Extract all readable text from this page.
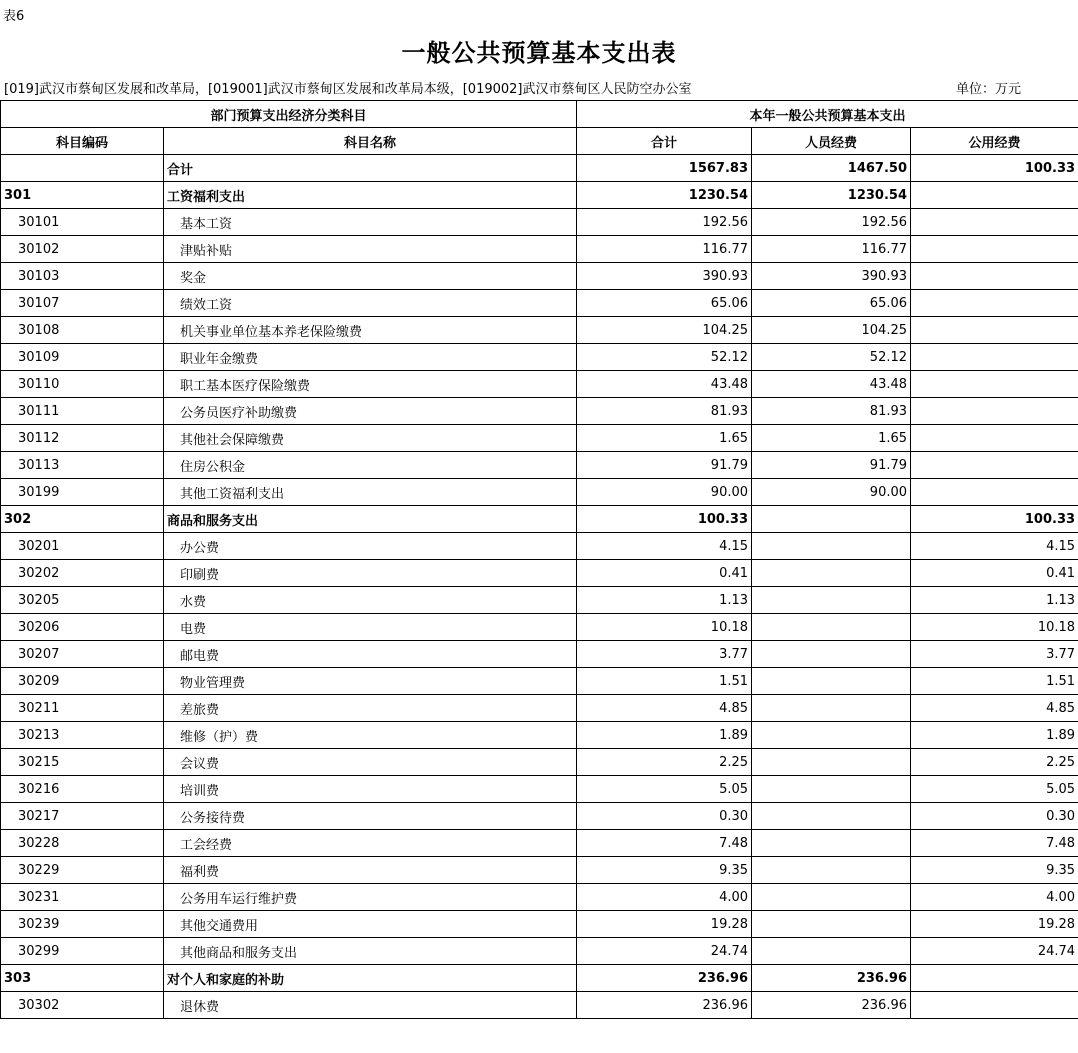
表6
一般公共预算基本支出表
[019]武汉市蔡甸区发展和改革局，[019001]武汉市蔡甸区发展和改革局本级，[019002]武汉市蔡甸区人民防空办公室	单位：万元
部门预算支出经济分类科目		本年一般公共预算基本支出		
科目编码	科目名称	合计	人员经费	公用经费
	合计	1567.83	1467.50	100.33
301	工资福利支出	1230.54	1230.54	
30101	基本工资	192.56	192.56	
30102	津贴补贴	116.77	116.77	
30103	奖金	390.93	390.93	
30107	绩效工资	65.06	65.06	
30108	机关事业单位基本养老保险缴费	104.25	104.25	
30109	职业年金缴费	52.12	52.12	
30110	职工基本医疗保险缴费	43.48	43.48	
30111	公务员医疗补助缴费	81.93	81.93	
30112	其他社会保障缴费	1.65	1.65	
30113	住房公积金	91.79	91.79	
30199	其他工资福利支出	90.00	90.00	
302	商品和服务支出	100.33		100.33
30201	办公费	4.15		4.15
30202	印刷费	0.41		0.41
30205	水费	1.13		1.13
30206	电费	10.18		10.18
30207	邮电费	3.77		3.77
30209	物业管理费	1.51		1.51
30211	差旅费	4.85		4.85
30213	维修（护）费	1.89		1.89
30215	会议费	2.25		2.25
30216	培训费	5.05		5.05
30217	公务接待费	0.30		0.30
30228	工会经费	7.48		7.48
30229	福利费	9.35		9.35
30231	公务用车运行维护费	4.00		4.00
30239	其他交通费用	19.28		19.28
30299	其他商品和服务支出	24.74		24.74
303	对个人和家庭的补助	236.96	236.96	
30302	退休费	236.96	236.96	
